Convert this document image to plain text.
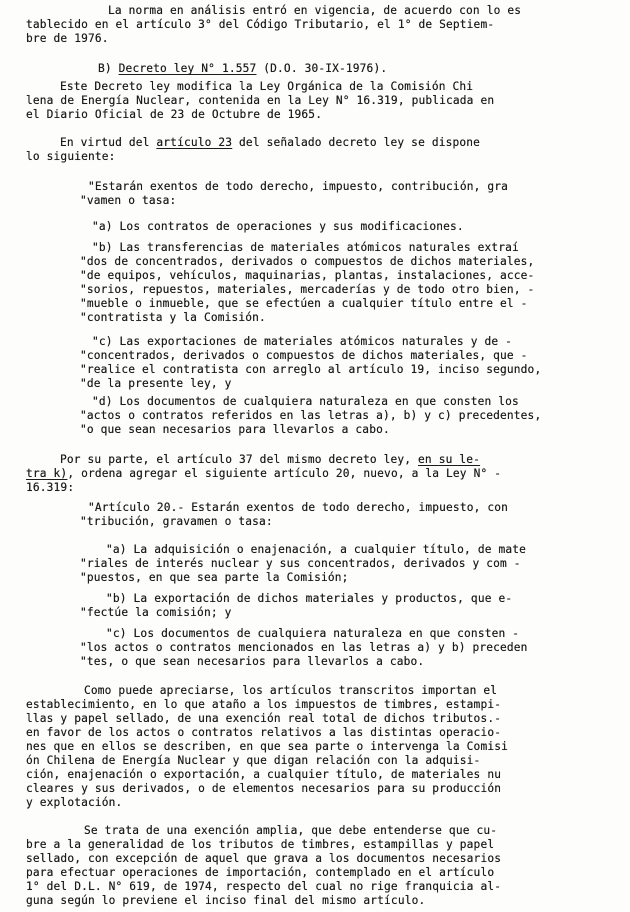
La norma en análisis entró en vigencia, de acuerdo con lo es

tablecido en el artículo 3° del Código Tributario, el 1° de Septiem-

bre de 1976.

B) Decreto ley N° 1.557 (D.O. 30-IX-1976).

Este Decreto ley modifica la Ley Orgánica de la Comisión Chi

lena de Energía Nuclear, contenida en la Ley N° 16.319, publicada en

el Diario Oficial de 23 de Octubre de 1965.

En virtud del artículo 23 del señalado decreto ley se dispone

lo siguiente:

"Estarán exentos de todo derecho, impuesto, contribución, gra

"vamen o tasa:

"a) Los contratos de operaciones y sus modificaciones.

"b) Las transferencias de materiales atómicos naturales extraí

"dos de concentrados, derivados o compuestos de dichos materiales,

"de equipos, vehículos, maquinarias, plantas, instalaciones, acce-

"sorios, repuestos, materiales, mercaderías y de todo otro bien, -

"mueble o inmueble, que se efectúen a cualquier título entre el -

"contratista y la Comisión.

"c) Las exportaciones de materiales atómicos naturales y de -

"concentrados, derivados o compuestos de dichos materiales, que -

"realice el contratista con arreglo al artículo 19, inciso segundo,

"de la presente ley, y

"d) Los documentos de cualquiera naturaleza en que consten los

"actos o contratos referidos en las letras a), b) y c) precedentes,

"o que sean necesarios para llevarlos a cabo.

Por su parte, el artículo 37 del mismo decreto ley, en su le-

tra k), ordena agregar el siguiente artículo 20, nuevo, a la Ley N° -

16.319:

"Artículo 20.- Estarán exentos de todo derecho, impuesto, con

"tribución, gravamen o tasa:

"a) La adquisición o enajenación, a cualquier título, de mate

"riales de interés nuclear y sus concentrados, derivados y com -

"puestos, en que sea parte la Comisión;

"b) La exportación de dichos materiales y productos, que e-

"fectúe la comisión; y

"c) Los documentos de cualquiera naturaleza en que consten -

"los actos o contratos mencionados en las letras a) y b) preceden

"tes, o que sean necesarios para llevarlos a cabo.

Como puede apreciarse, los artículos transcritos importan el

establecimiento, en lo que ataño a los impuestos de timbres, estampi-

llas y papel sellado, de una exención real total de dichos tributos.-

en favor de los actos o contratos relativos a las distintas operacio-

nes que en ellos se describen, en que sea parte o intervenga la Comisi

ón Chilena de Energía Nuclear y que digan relación con la adquisi-

ción, enajenación o exportación, a cualquier título, de materiales nu

cleares y sus derivados, o de elementos necesarios para su producción

y explotación.

Se trata de una exención amplia, que debe entenderse que cu-

bre a la generalidad de los tributos de timbres, estampillas y papel

sellado, con excepción de aquel que grava a los documentos necesarios

para efectuar operaciones de importación, contemplado en el artículo

1° del D.L. N° 619, de 1974, respecto del cual no rige franquicia al-

guna según lo previene el inciso final del mismo artículo.
